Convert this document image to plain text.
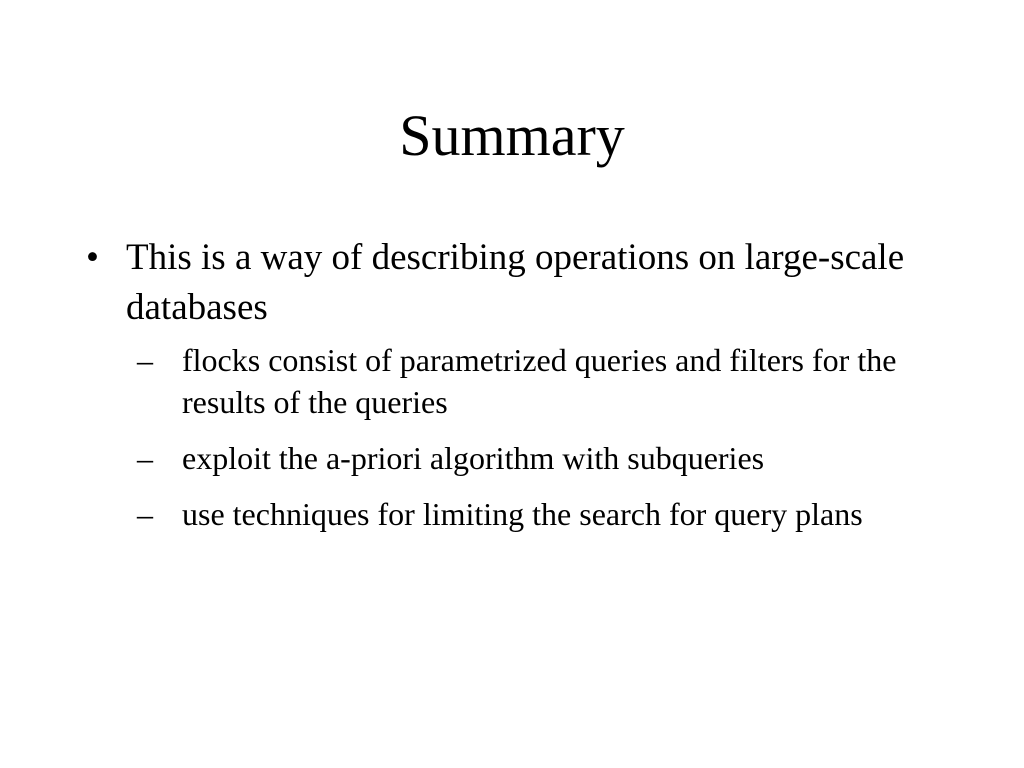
Summary
• This is a way of describing operations on large-scale databases
– flocks consist of parametrized queries and filters for the results of the queries
– exploit the a-priori algorithm with subqueries
– use techniques for limiting the search for query plans
